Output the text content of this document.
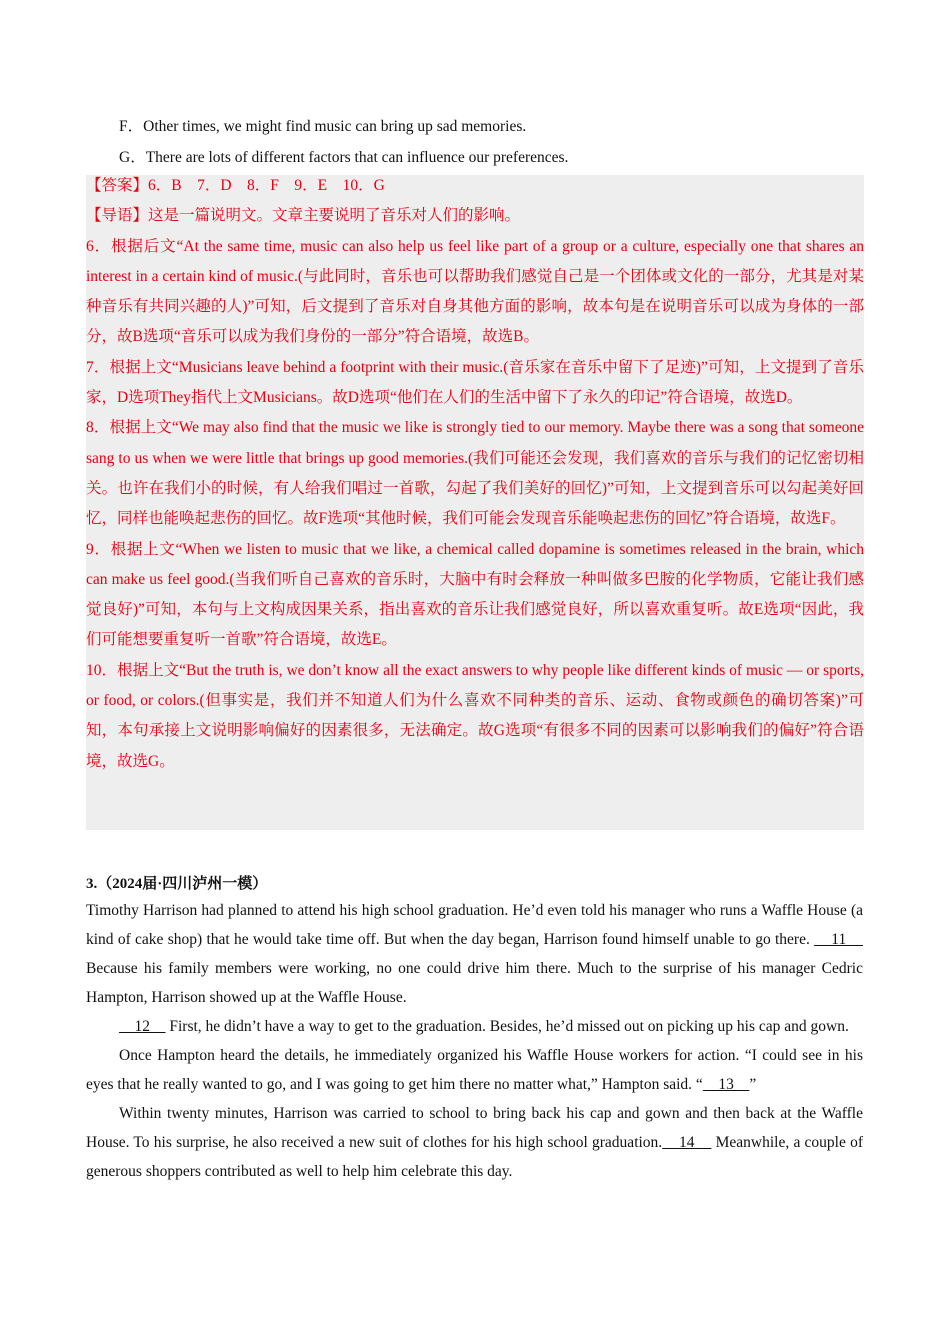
F．Other times, we might find music can bring up sad memories.
G．There are lots of different factors that can influence our preferences.

【答案】6．B　7．D　8．F　9．E　10．G

【导语】这是一篇说明文。文章主要说明了音乐对人们的影响。

6．根据后文“At the same time, music can also help us feel like part of a group or a culture, especially one that shares an interest in a certain kind of music.(与此同时，音乐也可以帮助我们感觉自己是一个团体或文化的一部分，尤其是对某种音乐有共同兴趣的人)”可知，后文提到了音乐对自身其他方面的影响，故本句是在说明音乐可以成为身体的一部分，故B选项“音乐可以成为我们身份的一部分”符合语境，故选B。

7．根据上文“Musicians leave behind a footprint with their music.(音乐家在音乐中留下了足迹)”可知，上文提到了音乐家，D选项They指代上文Musicians。故D选项“他们在人们的生活中留下了永久的印记”符合语境，故选D。

8．根据上文“We may also find that the music we like is strongly tied to our memory. Maybe there was a song that someone sang to us when we were little that brings up good memories.(我们可能还会发现，我们喜欢的音乐与我们的记忆密切相关。也许在我们小的时候，有人给我们唱过一首歌，勾起了我们美好的回忆)”可知，上文提到音乐可以勾起美好回忆，同样也能唤起悲伤的回忆。故F选项“其他时候，我们可能会发现音乐能唤起悲伤的回忆”符合语境，故选F。

9．根据上文“When we listen to music that we like, a chemical called dopamine is sometimes released in the brain, which can make us feel good.(当我们听自己喜欢的音乐时，大脑中有时会释放一种叫做多巴胺的化学物质，它能让我们感觉良好)”可知，本句与上文构成因果关系，指出喜欢的音乐让我们感觉良好，所以喜欢重复听。故E选项“因此，我们可能想要重复听一首歌”符合语境，故选E。

10．根据上文“But the truth is, we don’t know all the exact answers to why people like different kinds of music — or sports, or food, or colors.(但事实是，我们并不知道人们为什么喜欢不同种类的音乐、运动、食物或颜色的确切答案)”可知，本句承接上文说明影响偏好的因素很多，无法确定。故G选项“有很多不同的因素可以影响我们的偏好”符合语境，故选G。

3.（2024届·四川泸州一模）

Timothy Harrison had planned to attend his high school graduation. He’d even told his manager who runs a Waffle House (a kind of cake shop) that he would take time off. But when the day began, Harrison found himself unable to go there.     11     Because his family members were working, no one could drive him there. Much to the surprise of his manager Cedric Hampton, Harrison showed up at the Waffle House.

12     First, he didn’t have a way to get to the graduation. Besides, he’d missed out on picking up his cap and gown.

Once Hampton heard the details, he immediately organized his Waffle House workers for action. “I could see in his eyes that he really wanted to go, and I was going to get him there no matter what,” Hampton said. “    13    ”

Within twenty minutes, Harrison was carried to school to bring back his cap and gown and then back at the Waffle House. To his surprise, he also received a new suit of clothes for his high school graduation.    14     Meanwhile, a couple of generous shoppers contributed as well to help him celebrate this day.
